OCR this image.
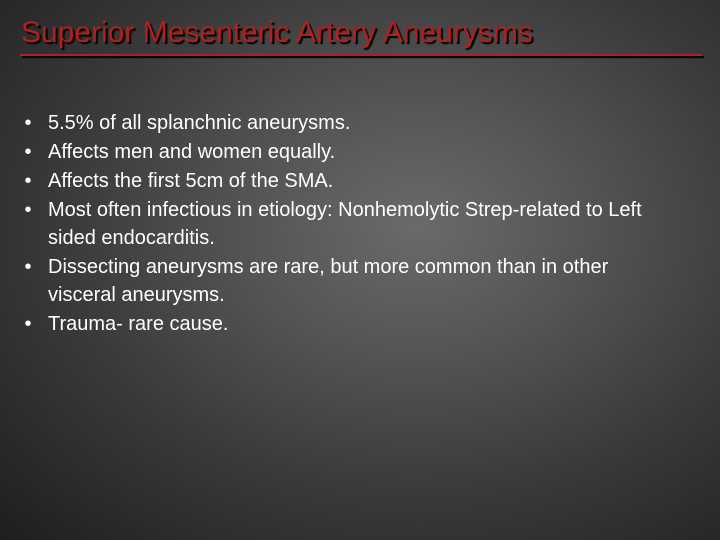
Superior Mesenteric Artery Aneurysms
• 5.5% of all splanchnic aneurysms.
• Affects men and women equally.
• Affects the first 5cm of the SMA.
• Most often infectious in etiology: Nonhemolytic Strep-related to Left sided endocarditis.
• Dissecting aneurysms are rare, but more common than in other visceral aneurysms.
• Trauma- rare cause.
